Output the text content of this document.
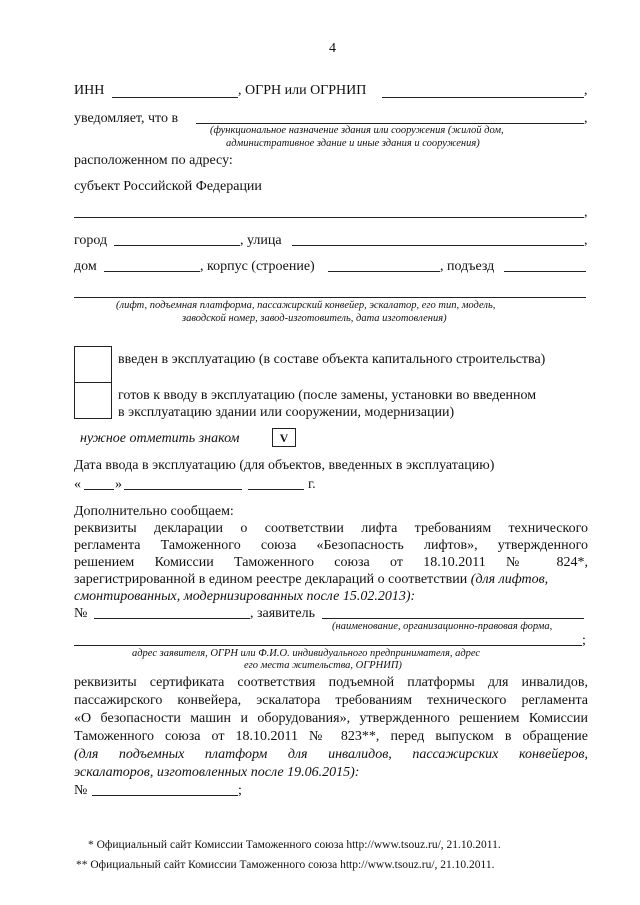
4
ИНН	, ОГРН или ОГРНИП	,
уведомляет, что в	,
(функциональное назначение здания или сооружения (жилой дом,
административное здание и иные здания и сооружения)
расположенном по адресу:
субъект Российской Федерации
,
город	, улица	,
дом	, корпус (строение)	, подъезд
(лифт, подъемная платформа, пассажирский конвейер, эскалатор, его тип, модель,
заводской номер, завод-изготовитель, дата изготовления)
введен в эксплуатацию (в составе объекта капитального строительства)
готов к вводу в эксплуатацию (после замены, установки во введенном
в эксплуатацию здании или сооружении, модернизации)
нужное отметить знаком	V
Дата ввода в эксплуатацию (для объектов, введенных в эксплуатацию)
« »	г.
Дополнительно сообщаем:
реквизиты декларации о соответствии лифта требованиям технического
регламента Таможенного союза «Безопасность лифтов», утвержденного
решением Комиссии Таможенного союза от 18.10.2011 № 824*,
зарегистрированной в едином реестре деклараций о соответствии (для лифтов,
смонтированных, модернизированных после 15.02.2013):
№	, заявитель
(наименование, организационно-правовая форма,
;
адрес заявителя, ОГРН или Ф.И.О. индивидуального предпринимателя, адрес
его места жительства, ОГРНИП)
реквизиты сертификата соответствия подъемной платформы для инвалидов,
пассажирского конвейера, эскалатора требованиям технического регламента
«О безопасности машин и оборудования», утвержденного решением Комиссии
Таможенного союза от 18.10.2011 № 823**, перед выпуском в обращение
(для подъемных платформ для инвалидов, пассажирских конвейеров,
эскалаторов, изготовленных после 19.06.2015):
№	;
* Официальный сайт Комиссии Таможенного союза http://www.tsouz.ru/, 21.10.2011.
** Официальный сайт Комиссии Таможенного союза http://www.tsouz.ru/, 21.10.2011.
